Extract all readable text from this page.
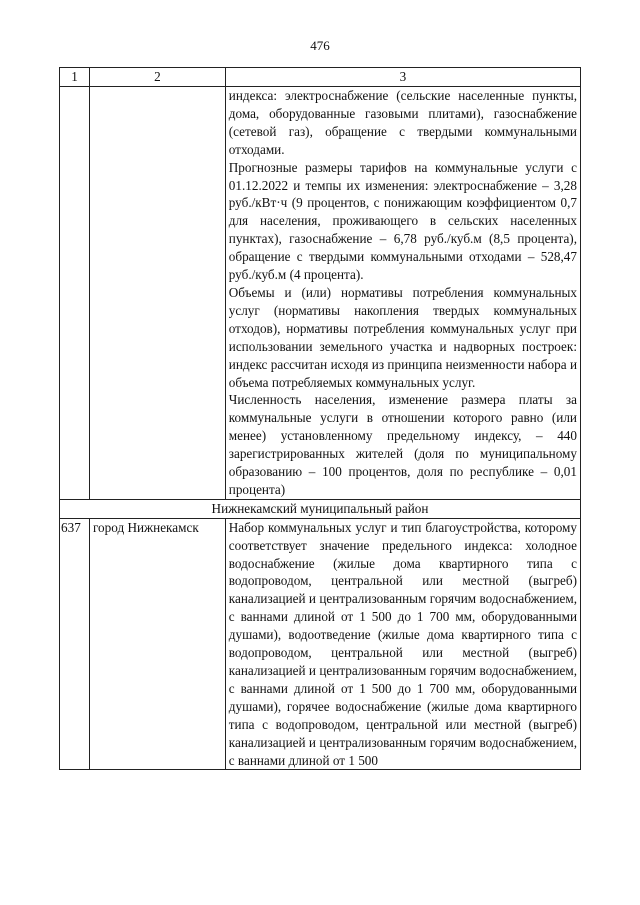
476
1	2	3

		индекса: электроснабжение (сельские населенные пункты, дома, оборудованные газовыми плитами), газоснабжение (сетевой газ), обращение с твердыми коммунальными отходами.

Прогнозные размеры тарифов на коммунальные услуги с 01.12.2022 и темпы их изменения: электроснабжение – 3,28 руб./кВт·ч (9 процентов, с понижающим коэффициентом 0,7 для населения, проживающего в сельских населенных пунктах), газоснабжение – 6,78 руб./куб.м (8,5 процента), обращение с твердыми коммунальными отходами – 528,47 руб./куб.м (4 процента).

Объемы и (или) нормативы потребления коммунальных услуг (нормативы накопления твердых коммунальных отходов), нормативы потребления коммунальных услуг при использовании земельного участка и надворных построек: индекс рассчитан исходя из принципа неизменности набора и объема потребляемых коммунальных услуг.

Численность населения, изменение размера платы за коммунальные услуги в отношении которого равно (или менее) установленному предельному индексу, – 440 зарегистрированных жителей (доля по муниципальному образованию – 100 процентов, доля по республике – 0,01 процента)

Нижнекамский муниципальный район		
637	город Нижнекамск	Набор коммунальных услуг и тип благоустройства, которому соответствует значение предельного индекса: холодное водоснабжение (жилые дома квартирного типа с водопроводом, центральной или местной (выгреб) канализацией и централизованным горячим водоснабжением, с ваннами длиной от 1 500 до 1 700 мм, оборудованными душами), водоотведение (жилые дома квартирного типа с водопроводом, центральной или местной (выгреб) канализацией и централизованным горячим водоснабжением, с ваннами длиной от 1 500 до 1 700 мм, оборудованными душами), горячее водоснабжение (жилые дома квартирного типа с водопроводом, центральной или местной (выгреб) канализацией и централизованным горячим водоснабжением, с ваннами длиной от 1 500
